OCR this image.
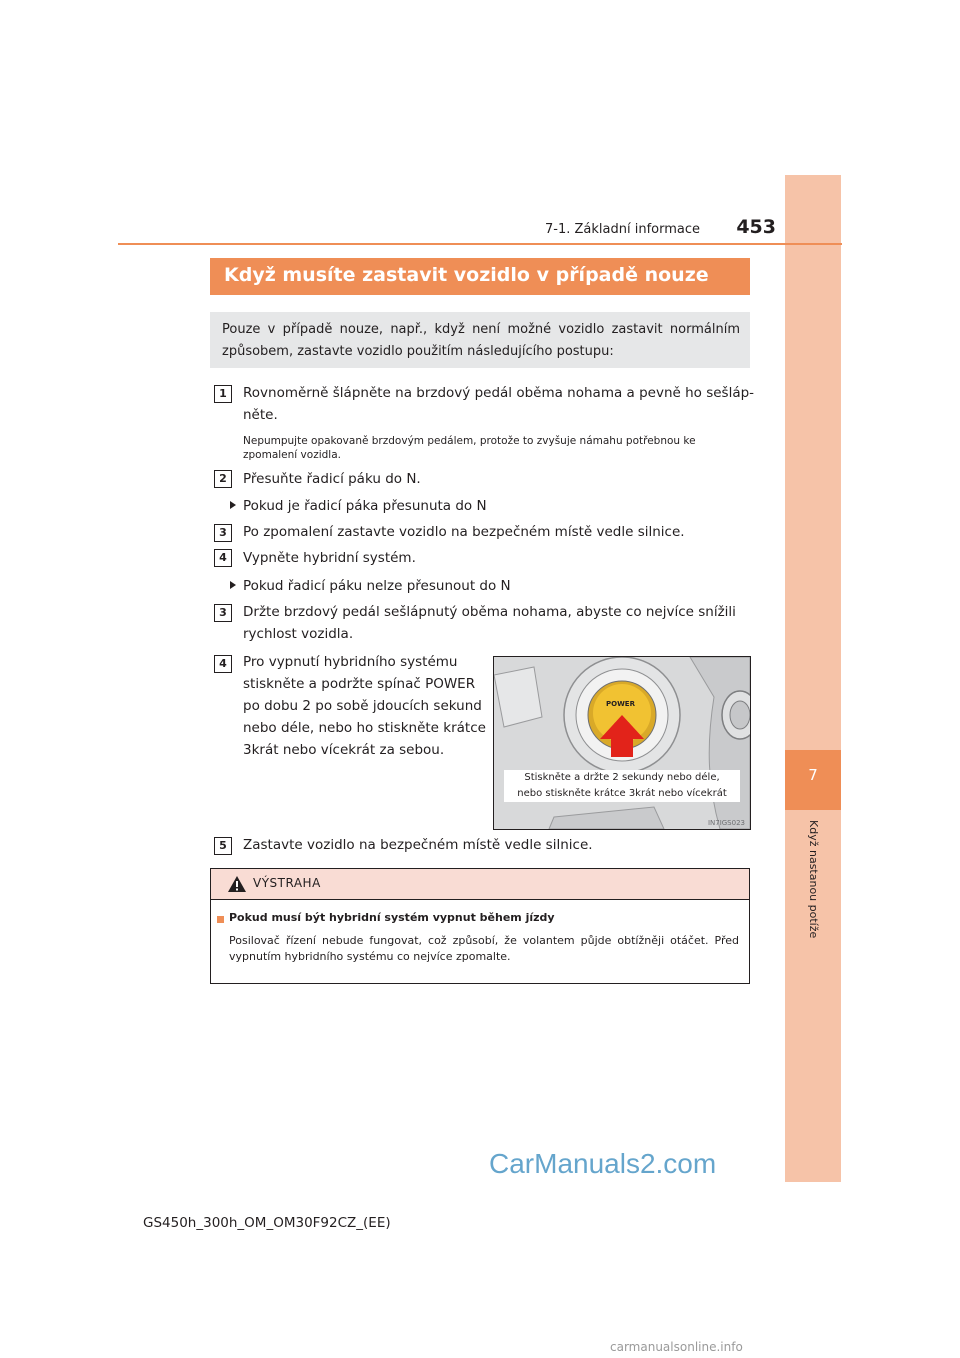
7
Když nastanou potíže
7-1. Základní informace	453
Když musíte zastavit vozidlo v případě nouze
Pouze v případě nouze, např., když není možné vozidlo zastavit normálním způsobem, zastavte vozidlo použitím následujícího postupu:
1	Rovnoměrně šlápněte na brzdový pedál oběma nohama a pevně ho sešláp-
něte.
Nepumpujte opakovaně brzdovým pedálem, protože to zvyšuje námahu potřebnou ke zpomalení vozidla.
2	Přesuňte řadicí páku do N.
Pokud je řadicí páka přesunuta do N
3	Po zpomalení zastavte vozidlo na bezpečném místě vedle silnice.
4	Vypněte hybridní systém.
Pokud řadicí páku nelze přesunout do N
3	Držte brzdový pedál sešlápnutý oběma nohama, abyste co nejvíce snížili
rychlost vozidla.
4	Pro vypnutí hybridního systému
stiskněte a podržte spínač POWER
po dobu 2 po sobě jdoucích sekund
nebo déle, nebo ho stiskněte krátce
3krát nebo vícekrát za sebou.
POWER
Stiskněte a držte 2 sekundy nebo déle,
nebo stiskněte krátce 3krát nebo vícekrát
IN7IGS023
5	Zastavte vozidlo na bezpečném místě vedle silnice.
VÝSTRAHA
Pokud musí být hybridní systém vypnut během jízdy
Posilovač řízení nebude fungovat, což způsobí, že volantem půjde obtížněji otáčet. Před vypnutím hybridního systému co nejvíce zpomalte.
GS450h_300h_OM_OM30F92CZ_(EE)
CarManuals2.com
carmanualsonline.info
